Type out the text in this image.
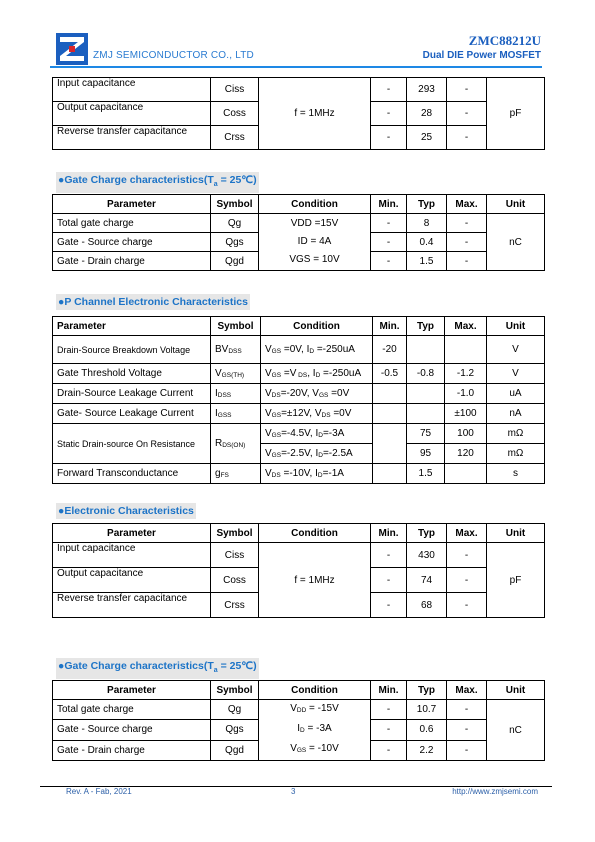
ZMJ SEMICONDUCTOR CO., LTD
ZMC88212U
Dual DIE Power MOSFET
Input capacitance	Ciss	f = 1MHz	-	293	-	pF
Output capacitance	Coss		-	28	-	
Reverse transfer capacitance	Crss		-	25	-	
●Gate Charge $characteristics(T_a$ = 25℃)
Parameter	Symbol	Condition	Min.	Typ	Max.	Unit
Total gate charge	Qg	VDD =15V
ID = 4A
VGS = 10V	-	8	-	nC
Gate - Source charge	Qgs		-	0.4	-	
Gate - Drain charge	Qgd		-	1.5	-	
●P Channel Electronic Characteristics
Parameter	Symbol	Condition	Min.	Typ	Max.	Unit
Drain-Source Breakdown Voltage	$BV_{DSS}$	$V_{GS} =0V$, $I_D =-250uA$	-20			V
Gate Threshold Voltage	$V_{GS(TH)}$	$V_{GS} =V$ $_{DS}$, $I_D =-250uA$	-0.5	-0.8	-1.2	V
Drain-Source Leakage Current	$I_{DSS}$	$V_{DS}=-20V$, $V_{GS} =0V$			-1.0	uA
Gate- Source Leakage Current	$I_{GSS}$	$V_{GS}=\pm 12V$, $V_{DS} =0V$			±100	nA
Static Drain-source On Resistance	$R_{DS(ON)}$	$V_{GS}=-4.5V$, $I_D=-3A$		75	100	mΩ
		$V_{GS}=-2.5V$, $I_D=-2.5A$		95	120	mΩ
Forward Transconductance	$g_{FS}$	$V_{DS} =-10V$, $I_D=-1A$		1.5		s
●Electronic Characteristics
Parameter	Symbol	Condition	Min.	Typ	Max.	Unit
Input capacitance	Ciss	f = 1MHz	-	430	-	pF
Output capacitance	Coss		-	74	-	
Reverse transfer capacitance	Crss		-	68	-	
●Gate Charge $characteristics(T_a$ = 25℃)
Parameter	Symbol	Condition	Min.	Typ	Max.	Unit
Total gate charge	Qg	$V_{DD} = -15V$
$I_D = -3A$
$V_{GS} = -10V$	-	10.7	-	nC
Gate - Source charge	Qgs		-	0.6	-	
Gate - Drain charge	Qgd		-	2.2	-	
Rev. A - Fab, 2021	3	http://www.zmjsemi.com
